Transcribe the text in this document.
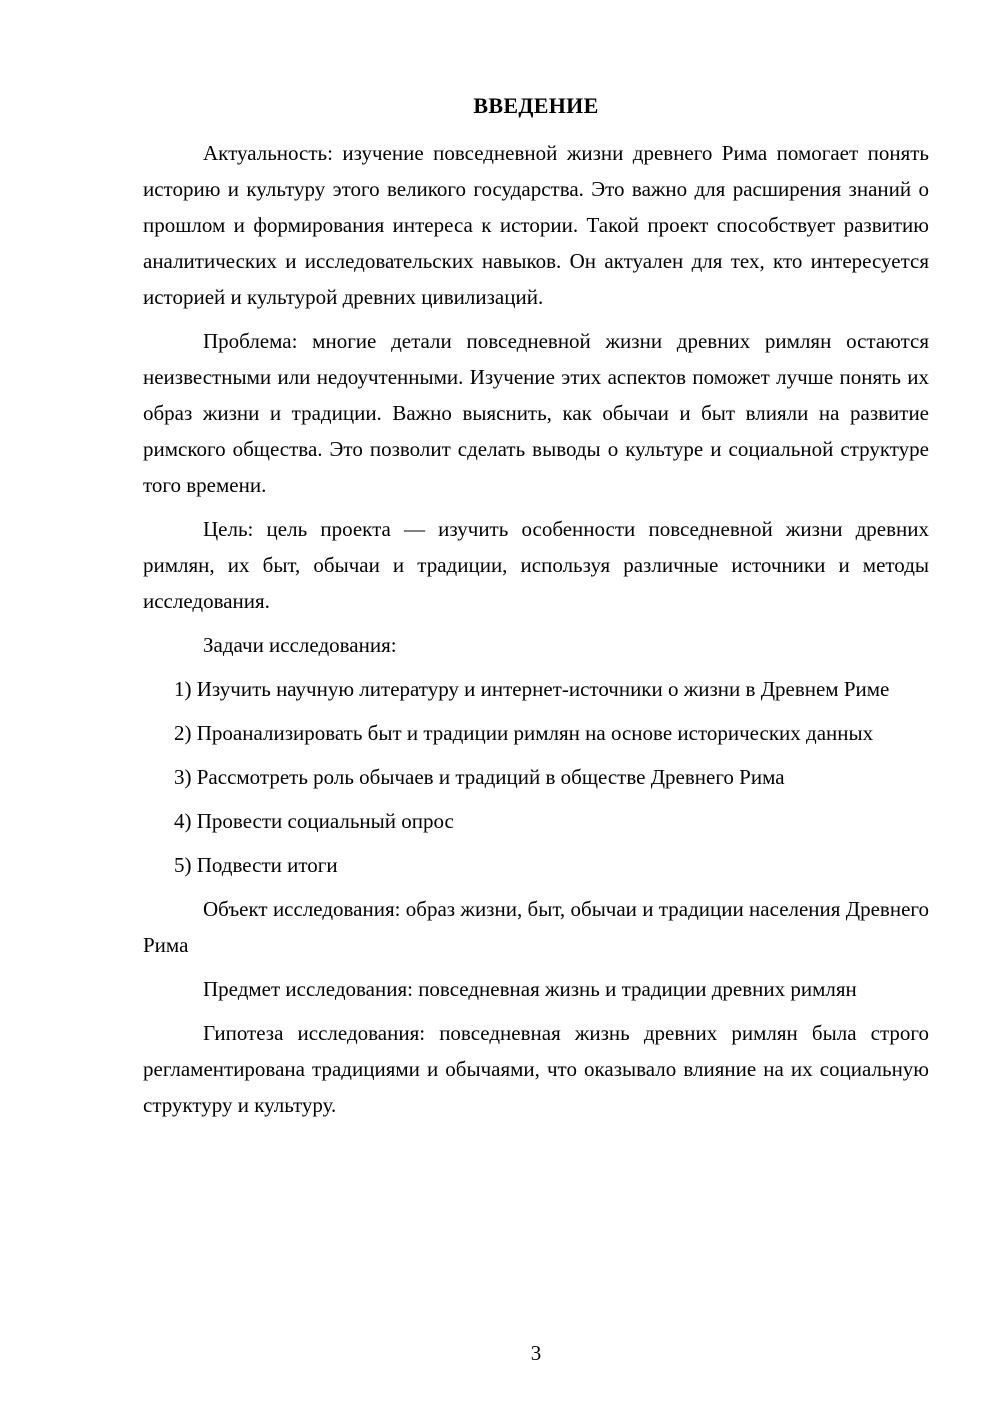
ВВЕДЕНИЕ

Актуальность: изучение повседневной жизни древнего Рима помогает понять историю и культуру этого великого государства. Это важно для расширения знаний о прошлом и формирования интереса к истории. Такой проект способствует развитию аналитических и исследовательских навыков. Он актуален для тех, кто интересуется историей и культурой древних цивилизаций.

Проблема: многие детали повседневной жизни древних римлян остаются неизвестными или недоучтенными. Изучение этих аспектов поможет лучше понять их образ жизни и традиции. Важно выяснить, как обычаи и быт влияли на развитие римского общества. Это позволит сделать выводы о культуре и социальной структуре того времени.

Цель: цель проекта — изучить особенности повседневной жизни древних римлян, их быт, обычаи и традиции, используя различные источники и методы исследования.

Задачи исследования:

1) Изучить научную литературу и интернет-источники о жизни в Древнем Риме

2) Проанализировать быт и традиции римлян на основе исторических данных

3) Рассмотреть роль обычаев и традиций в обществе Древнего Рима

4) Провести социальный опрос

5) Подвести итоги

Объект исследования: образ жизни, быт, обычаи и традиции населения Древнего Рима

Предмет исследования: повседневная жизнь и традиции древних римлян

Гипотеза исследования: повседневная жизнь древних римлян была строго регламентирована традициями и обычаями, что оказывало влияние на их социальную структуру и культуру.

3
